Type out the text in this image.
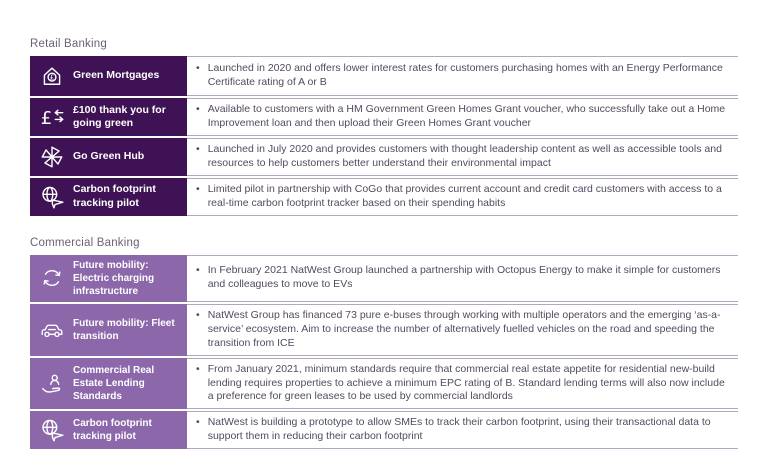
Retail Banking

£ Green Mortgages
• Launched in 2020 and offers lower interest rates for customers purchasing homes with an Energy Performance Certificate rating of A or B
£ £100 thank you for going green
• Available to customers with a HM Government Green Homes Grant voucher, who successfully take out a Home Improvement loan and then upload their Green Homes Grant voucher
Go Green Hub
• Launched in July 2020 and provides customers with thought leadership content as well as accessible tools and resources to help customers better understand their environmental impact
Carbon footprint tracking pilot
• Limited pilot in partnership with CoGo that provides current account and credit card customers with access to a real-time carbon footprint tracker based on their spending habits

Commercial Banking

Future mobility: Electric charging infrastructure
• In February 2021 NatWest Group launched a partnership with Octopus Energy to make it simple for customers and colleagues to move to EVs
Future mobility: Fleet transition
• NatWest Group has financed 73 pure e-buses through working with multiple operators and the emerging ‘as-a-service’ ecosystem. Aim to increase the number of alternatively fuelled vehicles on the road and speeding the transition from ICE
Commercial Real Estate Lending Standards
• From January 2021, minimum standards require that commercial real estate appetite for residential new-build lending requires properties to achieve a minimum EPC rating of B. Standard lending terms will also now include a preference for green leases to be used by commercial landlords
Carbon footprint tracking pilot
• NatWest is building a prototype to allow SMEs to track their carbon footprint, using their transactional data to support them in reducing their carbon footprint
